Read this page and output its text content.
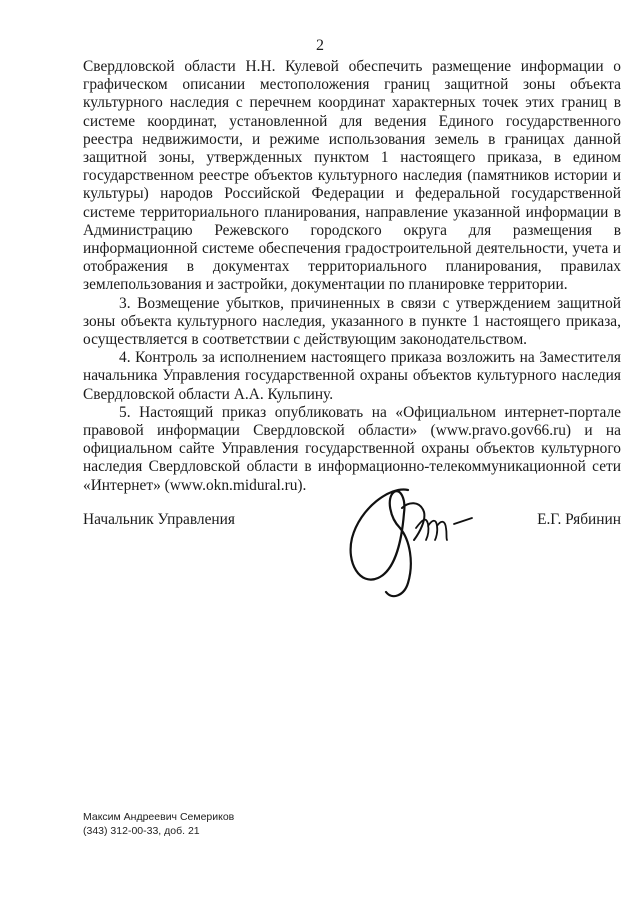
2

Свердловской области Н.Н. Кулевой обеспечить размещение информации о графическом описании местоположения границ защитной зоны объекта культурного наследия с перечнем координат характерных точек этих границ в системе координат, установленной для ведения Единого государственного реестра недвижимости, и режиме использования земель в границах данной защитной зоны, утвержденных пунктом 1 настоящего приказа, в едином государственном реестре объектов культурного наследия (памятников истории и культуры) народов Российской Федерации и федеральной государственной системе территориального планирования, направление указанной информации в Администрацию Режевского городского округа для размещения в информационной системе обеспечения градостроительной деятельности, учета и отображения в документах территориального планирования, правилах землепользования и застройки, документации по планировке территории.

3. Возмещение убытков, причиненных в связи с утверждением защитной зоны объекта культурного наследия, указанного в пункте 1 настоящего приказа, осуществляется в соответствии с действующим законодательством.

4. Контроль за исполнением настоящего приказа возложить на Заместителя начальника Управления государственной охраны объектов культурного наследия Свердловской области А.А. Кульпину.

5. Настоящий приказ опубликовать на «Официальном интернет-портале правовой информации Свердловской области» (www.pravo.gov66.ru) и на официальном сайте Управления государственной охраны объектов культурного наследия Свердловской области в информационно-телекоммуникационной сети «Интернет» (www.okn.midural.ru).

Начальник Управления	Е.Г. Рябинин
Максим Андреевич Семериков
(343) 312-00-33, доб. 21
